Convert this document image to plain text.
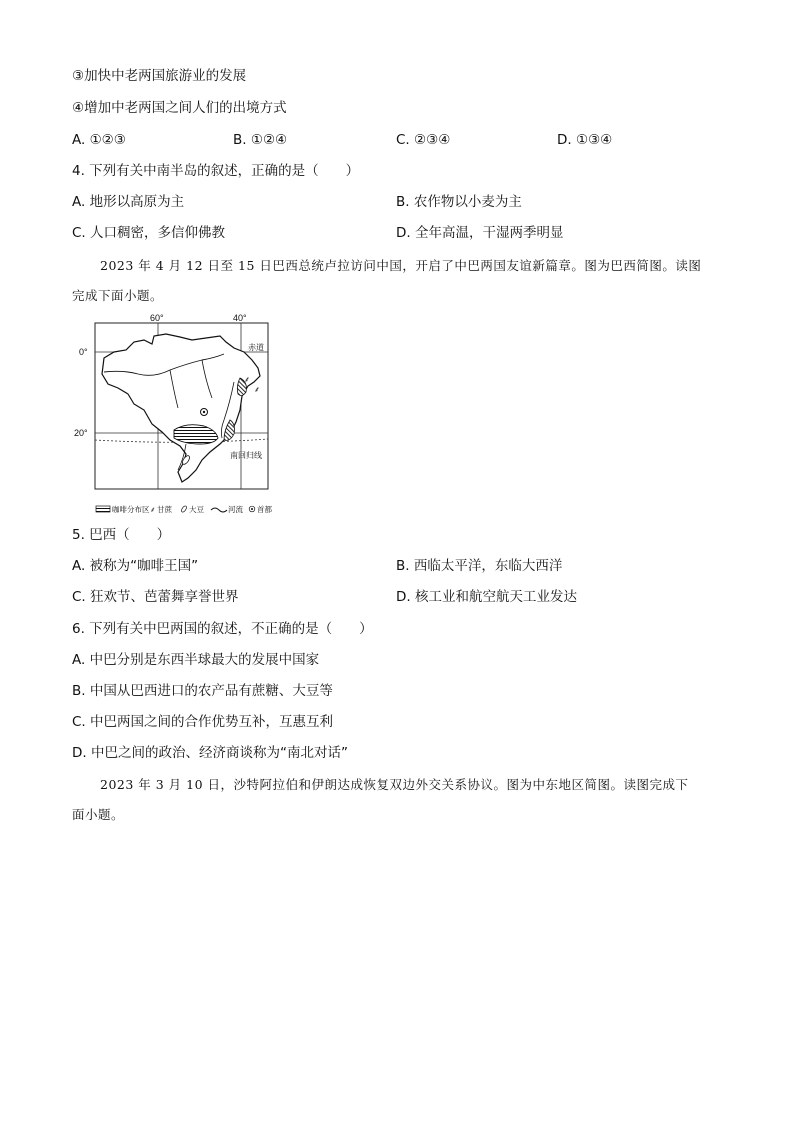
③加快中老两国旅游业的发展
④增加中老两国之间人们的出境方式
A. ①②③	B. ①②④	C. ②③④	D. ①③④
4. 下列有关中南半岛的叙述，正确的是（　　）
A. 地形以高原为主	B. 农作物以小麦为主
C. 人口稠密，多信仰佛教	D. 全年高温，干湿两季明显
2023 年 4 月 12 日至 15 日巴西总统卢拉访问中国，开启了中巴两国友谊新篇章。图为巴西简图。读图
完成下面小题。
⸙
⸙
60°	40°
0°
20°
赤道
南回归线
咖啡分布区 ⸙ 甘蔗 大豆	河流 首都
5. 巴西（　　）
A. 被称为“咖啡王国”	B. 西临太平洋，东临大西洋
C. 狂欢节、芭蕾舞享誉世界	D. 核工业和航空航天工业发达
6. 下列有关中巴两国的叙述，不正确的是（　　）
A. 中巴分别是东西半球最大的发展中国家
B. 中国从巴西进口的农产品有蔗糖、大豆等
C. 中巴两国之间的合作优势互补，互惠互利
D. 中巴之间的政治、经济商谈称为“南北对话”
2023 年 3 月 10 日，沙特阿拉伯和伊朗达成恢复双边外交关系协议。图为中东地区简图。读图完成下
面小题。
